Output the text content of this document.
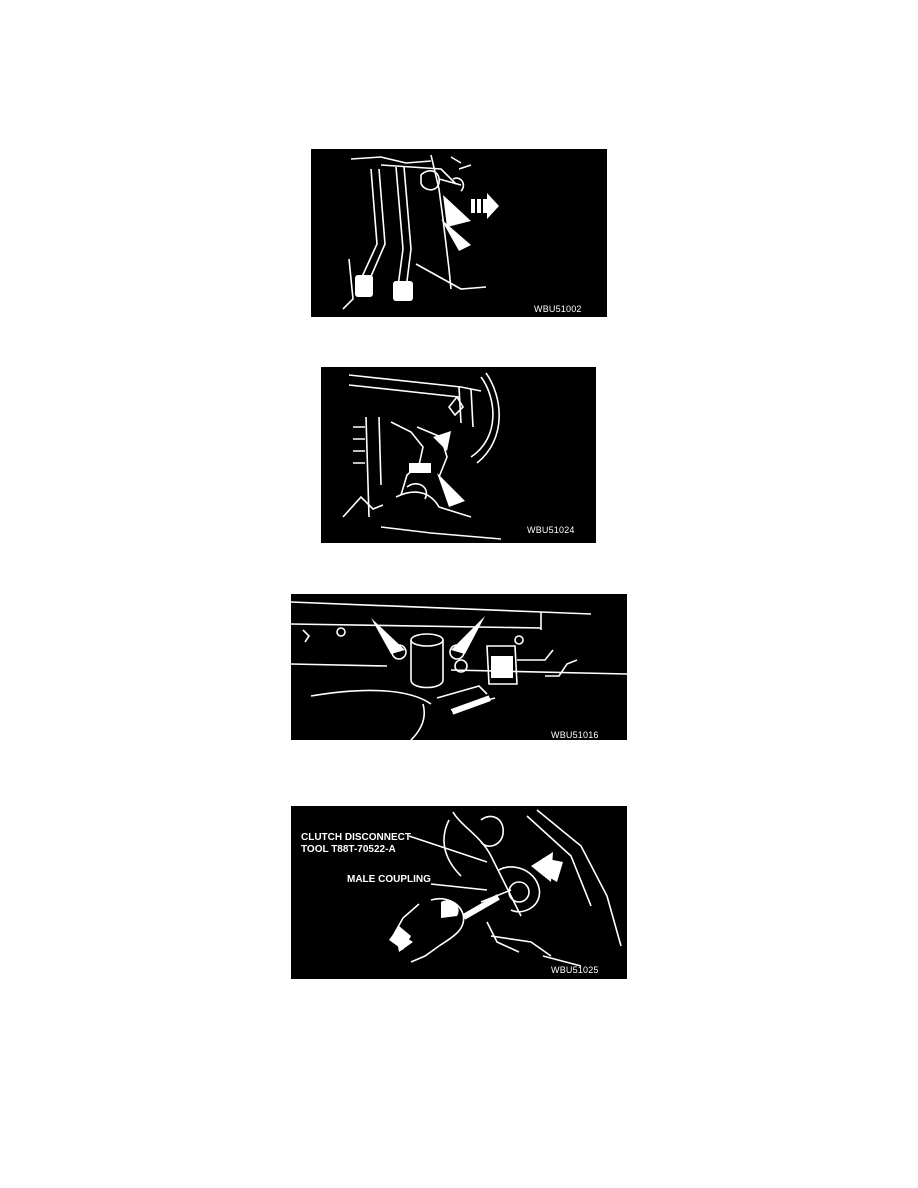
WBU51002
WBU51024
WBU51016
CLUTCH DISCONNECT
TOOL T88T-70522-A
MALE COUPLING
WBU51025
